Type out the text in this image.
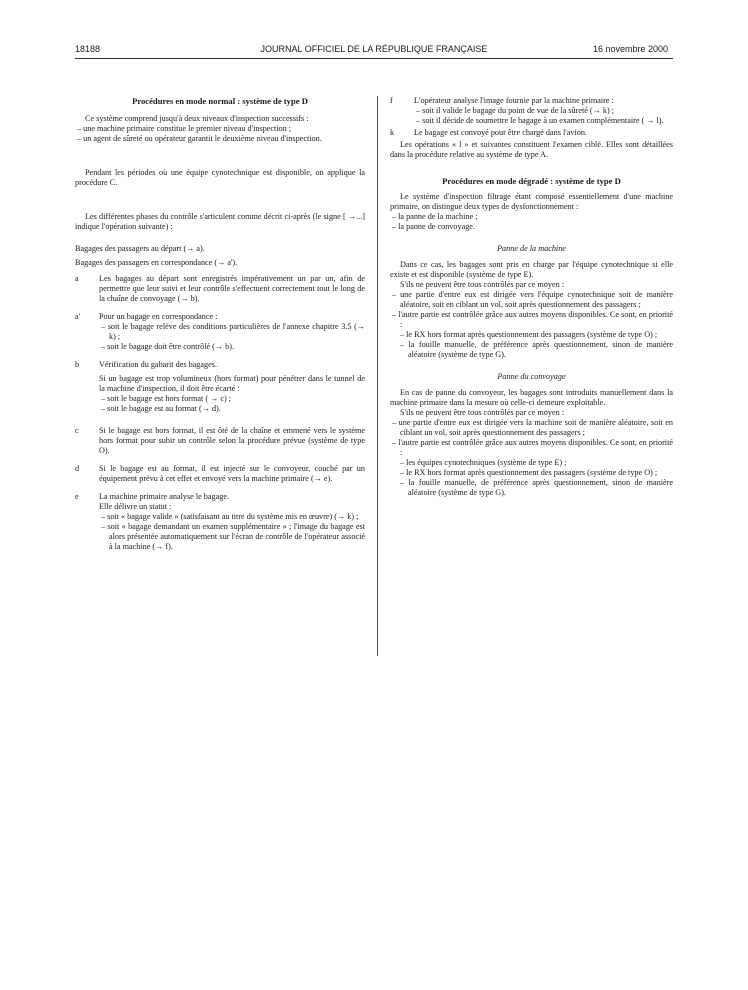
18188	JOURNAL OFFICIEL DE LA RÉPUBLIQUE FRANÇAISE	16 novembre 2000

Procédures en mode normal : système de type D

Ce système comprend jusqu'à deux niveaux d'inspection successifs :

– une machine primaire constitue le premier niveau d'inspection ;

– un agent de sûreté ou opérateur garantit le deuxième niveau d'inspection.

Pendant les périodes où une équipe cynotechnique est disponible, on applique la procédure C.

Les différentes phases du contrôle s'articulent comme décrit ci-après (le signe [ →...] indique l'opération suivante) :

Bagages des passagers au départ (→ a).

Bagages des passagers en correspondance (→ a').

a	Les bagages au départ sont enregistrés impérativement un par un, afin de permettre que leur suivi et leur contrôle s'effectuent correctement tout le long de la chaîne de convoyage (→ b).

a'	Pour un bagage en correspondance :

– soit le bagage relève des conditions particulières de l'annexe chapitre 3.5 (→ k) ;

– soit le bagage doit être contrôlé (→ b).

b	Vérification du gabarit des bagages.

Si un bagage est trop volumineux (hors format) pour pénétrer dans le tunnel de la machine d'inspection, il doit être écarté :

– soit le bagage est hors format ( → c) ;

– soit le bagage est au format (→ d).

c	Si le bagage est hors format, il est ôté de la chaîne et emmené vers le système hors format pour subir un contrôle selon la procédure prévue (système de type O).

d	Si le bagage est au format, il est injecté sur le convoyeur, couché par un équipement prévu à cet effet et envoyé vers la machine primaire (→ e).

e	La machine primaire analyse le bagage.

Elle délivre un statut :

– soit « bagage valide » (satisfaisant au titre du système mis en œuvre) (→ k) ;

– soit « bagage demandant un examen supplémentaire » ; l'image du bagage est alors présentée automatiquement sur l'écran de contrôle de l'opérateur associé à la machine (→ f).

f	L'opérateur analyse l'image fournie par la machine primaire :

– soit il valide le bagage du point de vue de la sûreté (→ k) ;

– soit il décide de soumettre le bagage à un examen complémentaire ( → l).

k	Le bagage est convoyé pour être chargé dans l'avion.

Les opérations « l » et suivantes constituent l'examen ciblé. Elles sont détaillées dans la procédure relative au système de type A.

Procédures en mode dégradé : système de type D

Le système d'inspection filtrage étant composé essentiellement d'une machine primaire, on distingue deux types de dysfonctionnement :

– la panne de la machine ;

– la panne de convoyage.

Panne de la machine

Dans ce cas, les bagages sont pris en charge par l'équipe cynotechnique si elle existe et est disponible (système de type E).

S'ils ne peuvent être tous contrôlés par ce moyen :

– une partie d'entre eux est dirigée vers l'équipe cynotechnique soit de manière aléatoire, soit en ciblant un vol, soit après questionnement des passagers ;

– l'autre partie est contrôlée grâce aux autres moyens disponibles. Ce sont, en priorité :

– le RX hors format après questionnement des passagers (système de type O) ;

– la fouille manuelle, de préférence après questionnement, sinon de manière aléatoire (système de type G).

Panne du convoyage

En cas de panne du convoyeur, les bagages sont introduits manuellement dans la machine primaire dans la mesure où celle-ci demeure exploitable.

S'ils ne peuvent être tous contrôlés par ce moyen :

– une partie d'entre eux est dirigée vers la machine soit de manière aléatoire, soit en ciblant un vol, soit après questionnement des passagers ;

– l'autre partie est contrôlée grâce aux autres moyens disponibles. Ce sont, en priorité :

– les équipes cynotechniques (système de type E) ;

– le RX hors format après questionnement des passagers (système de type O) ;

– la fouille manuelle, de préférence après questionnement, sinon de manière aléatoire (système de type G).
